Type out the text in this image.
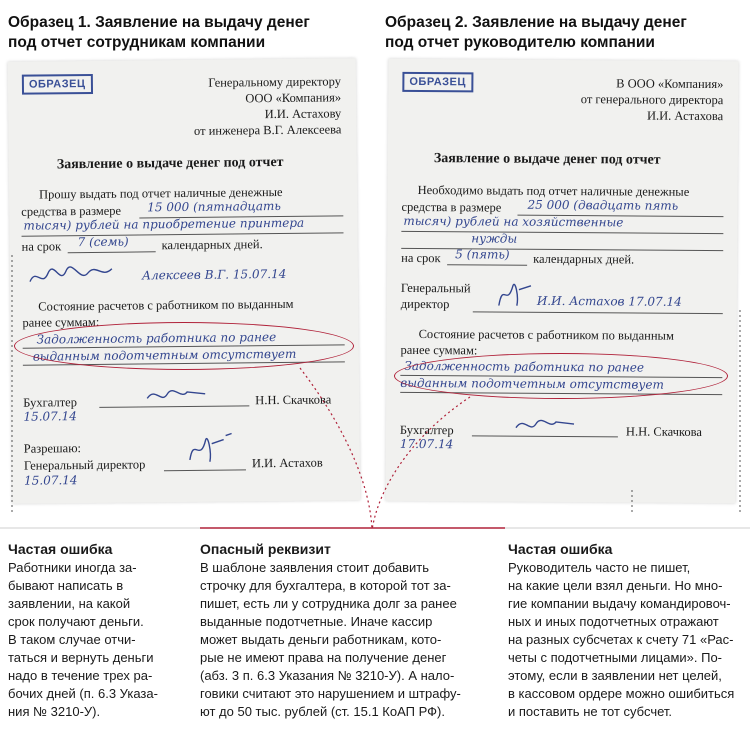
Образец 1. Заявление на выдачу денег
под отчет сотрудникам компании
Образец 2. Заявление на выдачу денег
под отчет руководителю компании
ОБРАЗЕЦ	Генеральному директору
ООО «Компания»
И.И. Астахову
от инженера В.Г. Алексеева
Заявление о выдаче денег под отчет
Прошу выдать под отчет наличные денежные
средства в размере 15 000 (пятнадцать
тысяч) рублей на приобретение принтера
на срок 7 (семь)	календарных дней.
Алексеев В.Г. 15.07.14
Состояние расчетов с работником по выданным
ранее суммам:
Задолженность работника по ранее
выданным подотчетным отсутствует
Бухгалтер	Н.Н. Скачкова
15.07.14
Разрешаю:
Генеральный директор	И.И. Астахов
15.07.14
ОБРАЗЕЦ	В ООО «Компания»
от генерального директора
И.И. Астахова
Заявление о выдаче денег под отчет
Необходимо выдать под отчет наличные денежные
средства в размере 25 000 (двадцать пять
тысяч) рублей на хозяйственные
нужды
на срок 5 (пять) календарных дней.
Генеральный
директор	И.И. Астахов 17.07.14
Состояние расчетов с работником по выданным
ранее суммам:
Задолженность работника по ранее
выданным подотчетным отсутствует
Бухгалтер	Н.Н. Скачкова
17.07.14
Частая ошибка
Работники иногда за-
бывают написать в
заявлении, на какой
срок получают деньги.
В таком случае отчи-
таться и вернуть деньги
надо в течение трех ра-
бочих дней (п. 6.3 Указа-
ния № 3210-У).
Опасный реквизит
В шаблоне заявления стоит добавить
строчку для бухгалтера, в которой тот за-
пишет, есть ли у сотрудника долг за ранее
выданные подотчетные. Иначе кассир
может выдать деньги работникам, кото-
рые не имеют права на получение денег
(абз. 3 п. 6.3 Указания № 3210-У). А нало-
говики считают это нарушением и штрафу-
ют до 50 тыс. рублей (ст. 15.1 КоАП РФ).
Частая ошибка
Руководитель часто не пишет,
на какие цели взял деньги. Но мно-
гие компании выдачу командировоч-
ных и иных подотчетных отражают
на разных субсчетах к счету 71 «Рас-
четы с подотчетными лицами». По-
этому, если в заявлении нет целей,
в кассовом ордере можно ошибиться
и поставить не тот субсчет.
